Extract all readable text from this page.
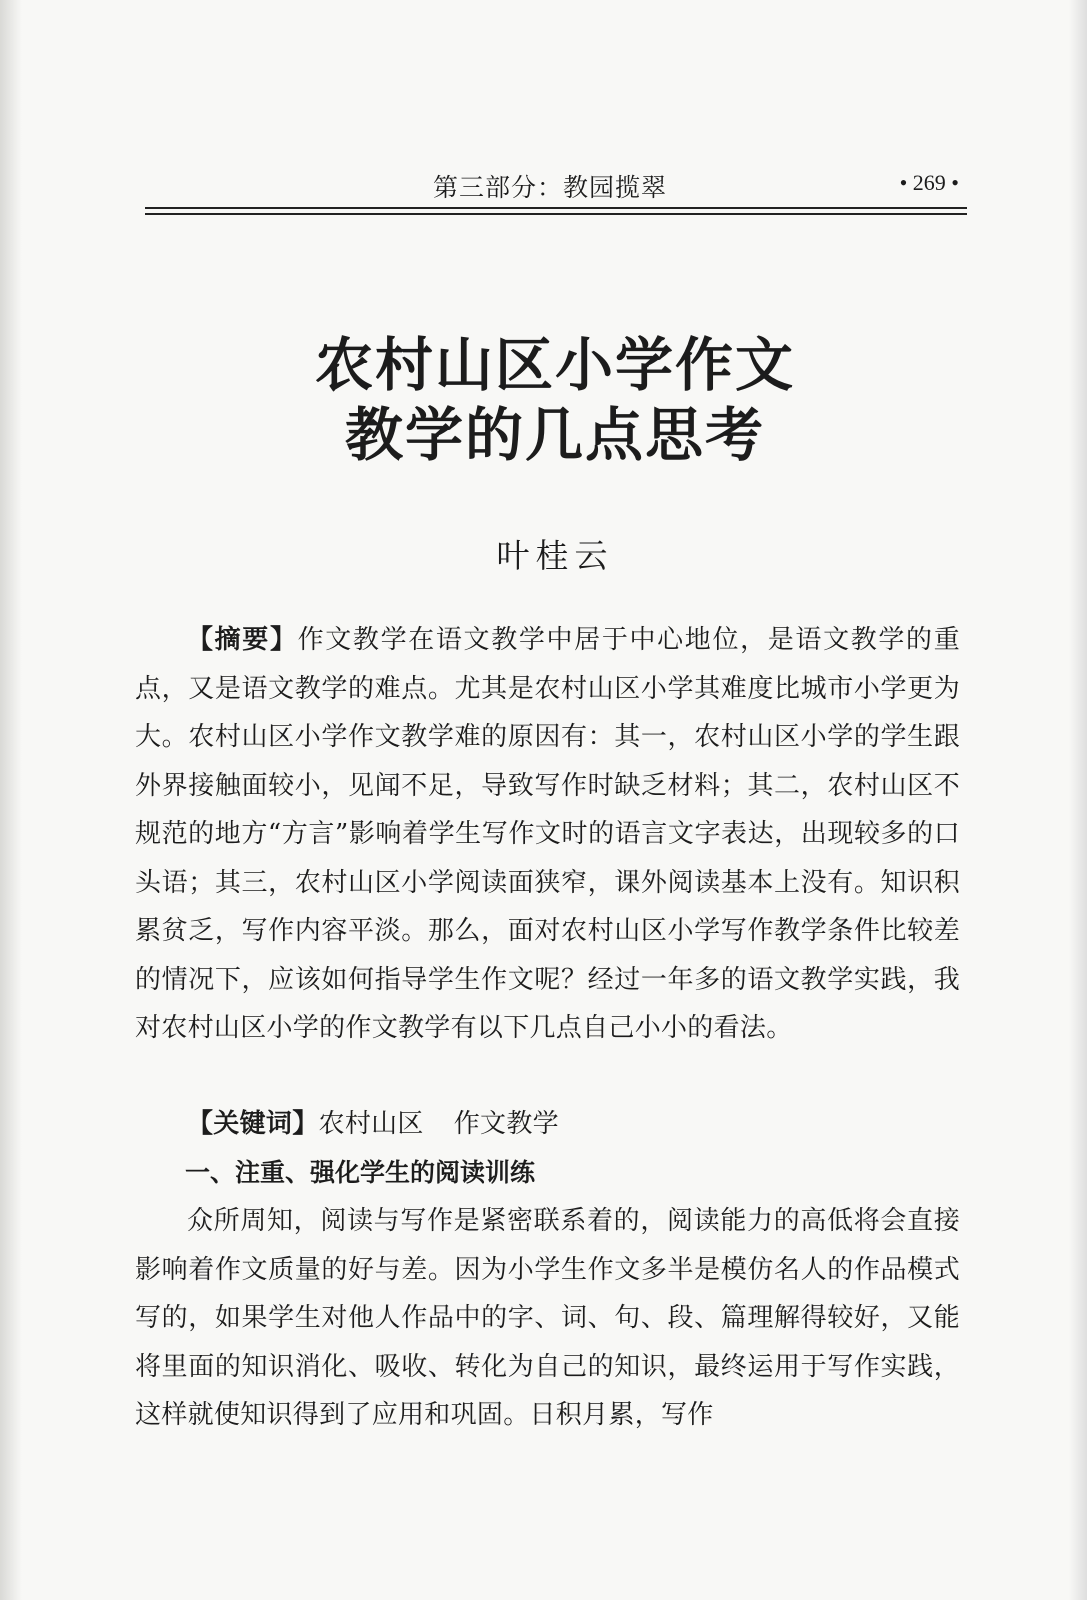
第三部分：教园揽翠	• 269 •
农村山区小学作文
教学的几点思考
叶桂云
【摘要】作文教学在语文教学中居于中心地位，是语文教学的重点，又是语文教学的难点。尤其是农村山区小学其难度比城市小学更为大。农村山区小学作文教学难的原因有：其一，农村山区小学的学生跟外界接触面较小，见闻不足，导致写作时缺乏材料；其二，农村山区不规范的地方“方言”影响着学生写作文时的语言文字表达，出现较多的口头语；其三，农村山区小学阅读面狭窄，课外阅读基本上没有。知识积累贫乏，写作内容平淡。那么，面对农村山区小学写作教学条件比较差的情况下，应该如何指导学生作文呢？经过一年多的语文教学实践，我对农村山区小学的作文教学有以下几点自己小小的看法。
【关键词】农村山区 作文教学
一、注重、强化学生的阅读训练
众所周知，阅读与写作是紧密联系着的，阅读能力的高低将会直接影响着作文质量的好与差。因为小学生作文多半是模仿名人的作品模式写的，如果学生对他人作品中的字、词、句、段、篇理解得较好，又能将里面的知识消化、吸收、转化为自己的知识，最终运用于写作实践，这样就使知识得到了应用和巩固。日积月累，写作
